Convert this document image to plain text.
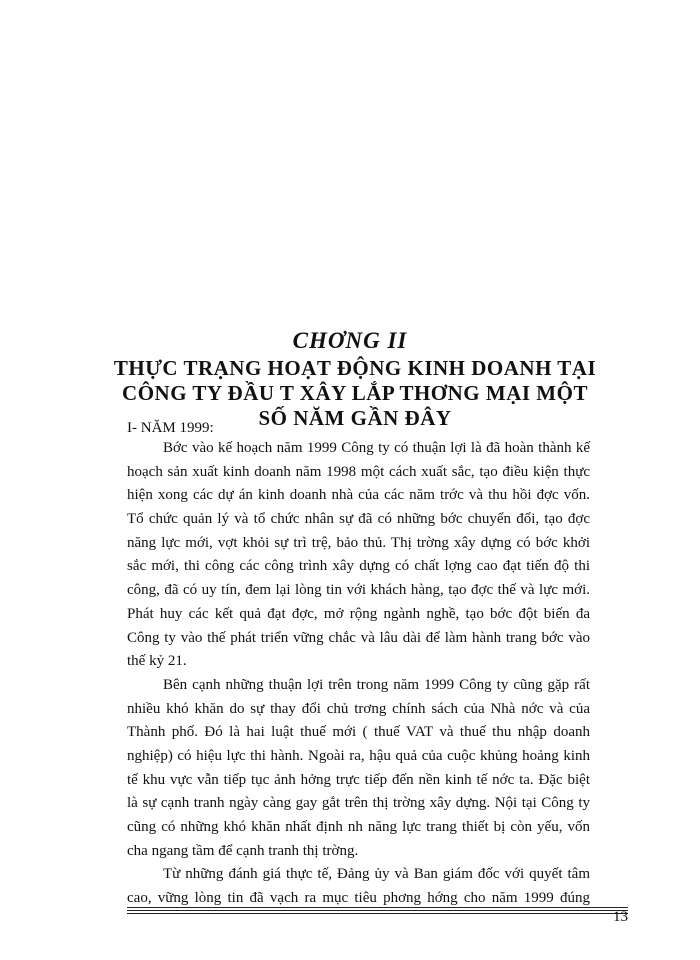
CHƠNG II
THỰC TRẠNG HOẠT ĐỘNG KINH DOANH TẠI
CÔNG TY ĐẦU T XÂY LẮP THƠNG MẠI MỘT
SỐ NĂM GẦN ĐÂY
I- NĂM 1999:
Bớc vào kế hoạch năm 1999 Công ty có thuận lợi là đã hoàn thành kế
hoạch sản xuất kinh doanh năm 1998 một cách xuất sắc, tạo điều kiện thực
hiện xong các dự án kinh doanh nhà của các năm trớc và thu hồi đợc vốn.
Tổ chức quản lý và tổ chức nhân sự đã có những bớc chuyển đổi, tạo đợc
năng lực mới, vợt khỏi sự trì trệ, bảo thủ. Thị trờng xây dựng có bớc khởi
sắc mới, thi công các công trình xây dựng có chất lợng cao đạt tiến độ thi
công, đã có uy tín, đem lại lòng tin với khách hàng, tạo đợc thế và lực mới.
Phát huy các kết quả đạt đợc, mở rộng ngành nghề, tạo bớc đột biến đa
Công ty vào thế phát triển vững chắc và lâu dài để làm hành trang bớc vào
thế kỷ 21.
Bên cạnh những thuận lợi trên trong năm 1999 Công ty cũng gặp rất
nhiều khó khăn do sự thay đổi chủ trơng chính sách của Nhà nớc và của
Thành phố. Đó là hai luật thuế mới ( thuế VAT và thuế thu nhập doanh
nghiệp) có hiệu lực thi hành. Ngoài ra, hậu quả của cuộc khủng hoảng kinh
tế khu vực vẫn tiếp tục ảnh hởng trực tiếp đến nền kinh tế nớc ta. Đặc biệt
là sự cạnh tranh ngày càng gay gắt trên thị trờng xây dựng. Nội tại Công ty
cũng có những khó khăn nhất định nh năng lực trang thiết bị còn yếu, vốn
cha ngang tầm để cạnh tranh thị trờng.
Từ những đánh giá thực tế, Đảng ủy và Ban giám đốc với quyết tâm
cao, vững lòng tin đã vạch ra mục tiêu phơng hớng cho năm 1999 đúng
13
